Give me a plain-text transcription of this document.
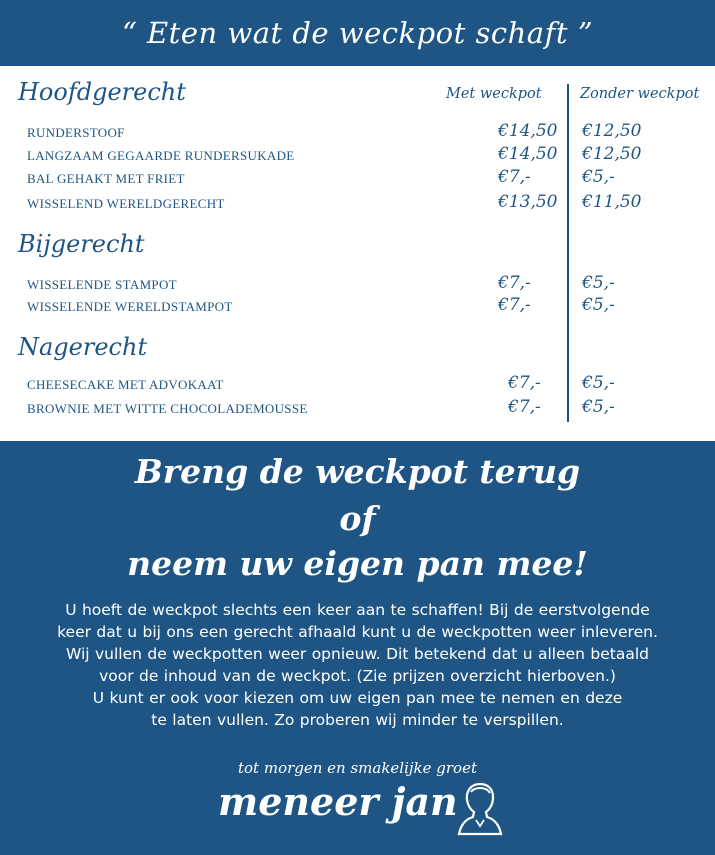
“ Eten wat de weckpot schaft ”
Met weckpot	Zonder weckpot
Hoofdgerecht
RUNDERSTOOF	€14,50 €12,50
LANGZAAM GEGAARDE RUNDERSUKADE	€14,50 €12,50
BAL GEHAKT MET FRIET	€7,-	€5,-
WISSELEND WERELDGERECHT	€13,50 €11,50
Bijgerecht
WISSELENDE STAMPOT	€7,-	€5,-
WISSELENDE WERELDSTAMPOT	€7,-	€5,-
Nagerecht
CHEESECAKE MET ADVOKAAT	€7,- €5,-
BROWNIE MET WITTE CHOCOLADEMOUSSE	€7,- €5,-
Breng de weckpot terug
of
neem uw eigen pan mee!
U hoeft de weckpot slechts een keer aan te schaffen! Bij de eerstvolgende
keer dat u bij ons een gerecht afhaald kunt u de weckpotten weer inleveren.
Wij vullen de weckpotten weer opnieuw. Dit betekend dat u alleen betaald
voor de inhoud van de weckpot. (Zie prijzen overzicht hierboven.)
U kunt er ook voor kiezen om uw eigen pan mee te nemen en deze
te laten vullen. Zo proberen wij minder te verspillen.
tot morgen en smakelijke groet
meneer jan
